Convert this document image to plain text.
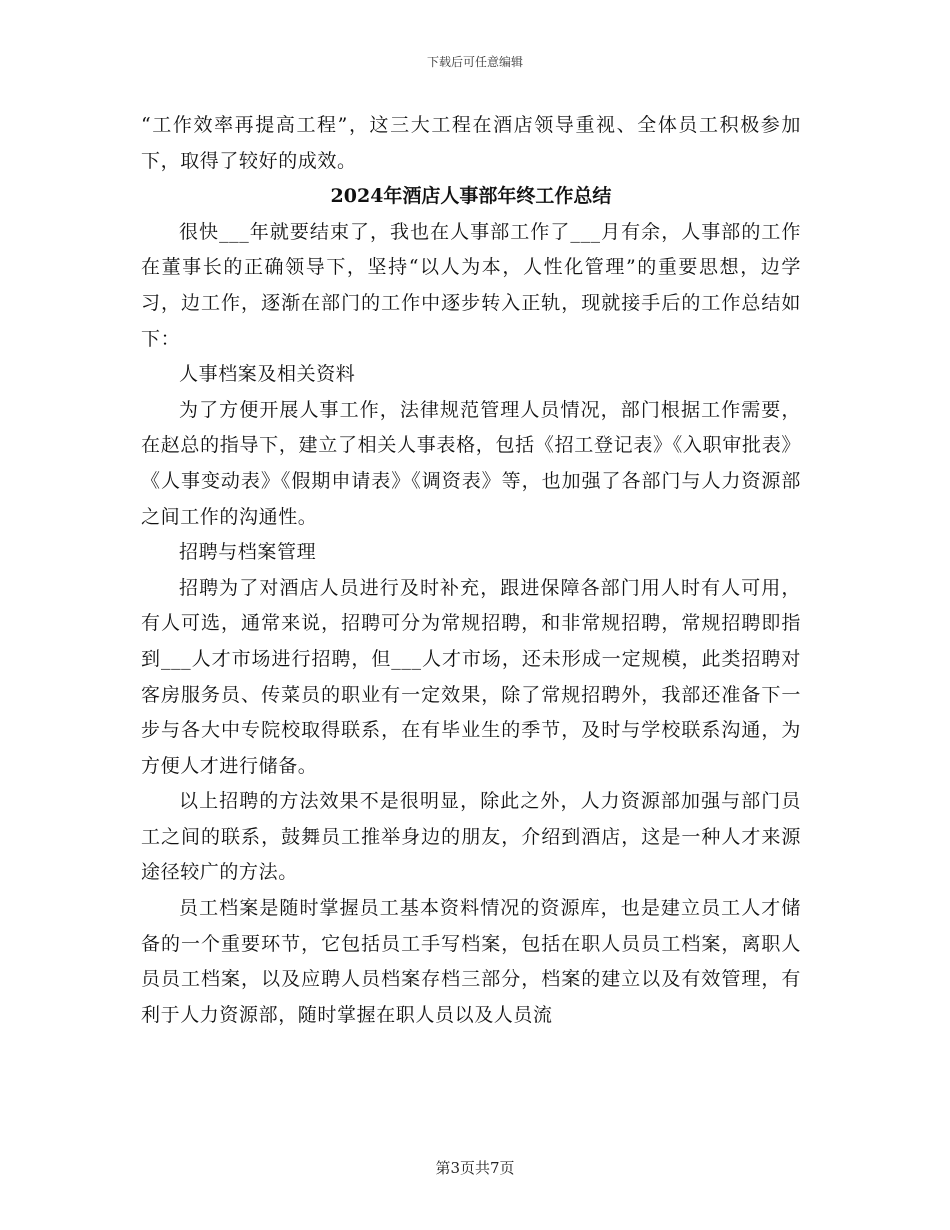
下载后可任意编辑

“工作效率再提高工程”，这三大工程在酒店领导重视、全体员工积极参加下，取得了较好的成效。

2024年酒店人事部年终工作总结

很快___年就要结束了，我也在人事部工作了___月有余，人事部的工作在董事长的正确领导下，坚持“以人为本，人性化管理”的重要思想，边学习，边工作，逐渐在部门的工作中逐步转入正轨，现就接手后的工作总结如下：

人事档案及相关资料

为了方便开展人事工作，法律规范管理人员情况，部门根据工作需要，在赵总的指导下，建立了相关人事表格，包括《招工登记表》《入职审批表》《人事变动表》《假期申请表》《调资表》等，也加强了各部门与人力资源部之间工作的沟通性。

招聘与档案管理

招聘为了对酒店人员进行及时补充，跟进保障各部门用人时有人可用，有人可选，通常来说，招聘可分为常规招聘，和非常规招聘，常规招聘即指到___人才市场进行招聘，但___人才市场，还未形成一定规模，此类招聘对客房服务员、传菜员的职业有一定效果，除了常规招聘外，我部还准备下一步与各大中专院校取得联系，在有毕业生的季节，及时与学校联系沟通，为方便人才进行储备。

以上招聘的方法效果不是很明显，除此之外，人力资源部加强与部门员工之间的联系，鼓舞员工推举身边的朋友，介绍到酒店，这是一种人才来源途径较广的方法。

员工档案是随时掌握员工基本资料情况的资源库，也是建立员工人才储备的一个重要环节，它包括员工手写档案，包括在职人员员工档案，离职人员员工档案，以及应聘人员档案存档三部分，档案的建立以及有效管理，有利于人力资源部，随时掌握在职人员以及人员流

第3页共7页
